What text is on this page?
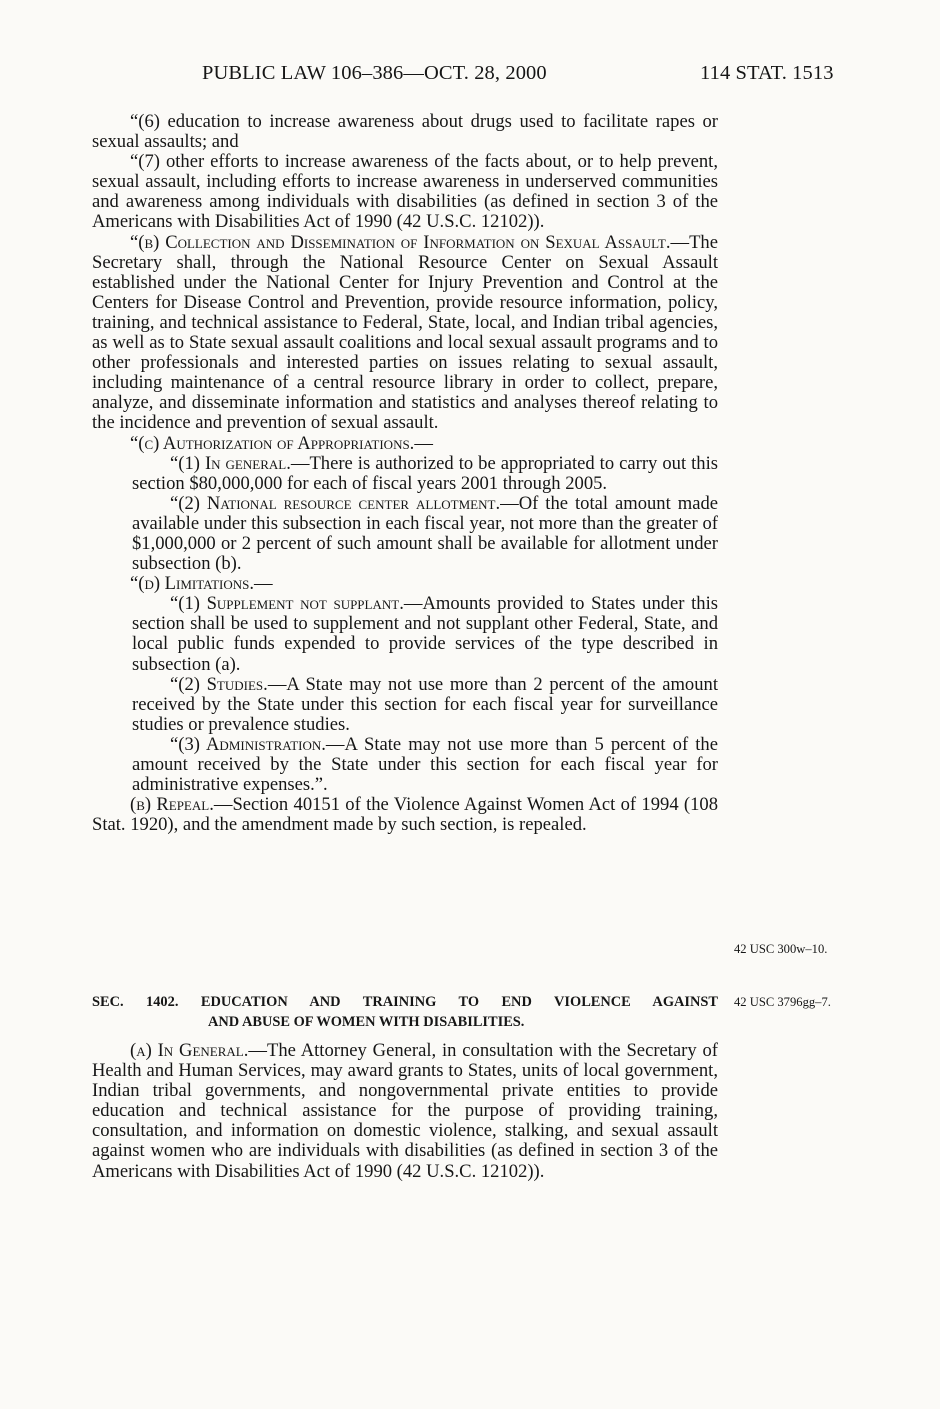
PUBLIC LAW 106–386—OCT. 28, 2000	114 STAT. 1513

“(6) education to increase awareness about drugs used to facilitate rapes or sexual assaults; and

“(7) other efforts to increase awareness of the facts about, or to help prevent, sexual assault, including efforts to increase awareness in underserved communities and awareness among individuals with disabilities (as defined in section 3 of the Americans with Disabilities Act of 1990 (42 U.S.C. 12102)).

“(b) Collection and Dissemination of Information on Sexual Assault.—The Secretary shall, through the National Resource Center on Sexual Assault established under the National Center for Injury Prevention and Control at the Centers for Disease Control and Prevention, provide resource information, policy, training, and technical assistance to Federal, State, local, and Indian tribal agencies, as well as to State sexual assault coalitions and local sexual assault programs and to other professionals and interested parties on issues relating to sexual assault, including maintenance of a central resource library in order to collect, prepare, analyze, and disseminate information and statistics and analyses thereof relating to the incidence and prevention of sexual assault.

“(c) Authorization of Appropriations.—

“(1) In general.—There is authorized to be appropriated to carry out this section $80,000,000 for each of fiscal years 2001 through 2005.

“(2) National resource center allotment.—Of the total amount made available under this subsection in each fiscal year, not more than the greater of $1,000,000 or 2 percent of such amount shall be available for allotment under subsection (b).

“(d) Limitations.—

“(1) Supplement not supplant.—Amounts provided to States under this section shall be used to supplement and not supplant other Federal, State, and local public funds expended to provide services of the type described in subsection (a).

“(2) Studies.—A State may not use more than 2 percent of the amount received by the State under this section for each fiscal year for surveillance studies or prevalence studies.

“(3) Administration.—A State may not use more than 5 percent of the amount received by the State under this section for each fiscal year for administrative expenses.”.

(b) Repeal.—Section 40151 of the Violence Against Women Act of 1994 (108 Stat. 1920), and the amendment made by such section, is repealed.

42 USC 300w–10.
SEC. 1402. EDUCATION AND TRAINING TO END VIOLENCE AGAINST
AND ABUSE OF WOMEN WITH DISABILITIES.
42 USC 3796gg–7.

(a) In General.—The Attorney General, in consultation with the Secretary of Health and Human Services, may award grants to States, units of local government, Indian tribal governments, and nongovernmental private entities to provide education and technical assistance for the purpose of providing training, consultation, and information on domestic violence, stalking, and sexual assault against women who are individuals with disabilities (as defined in section 3 of the Americans with Disabilities Act of 1990 (42 U.S.C. 12102)).
